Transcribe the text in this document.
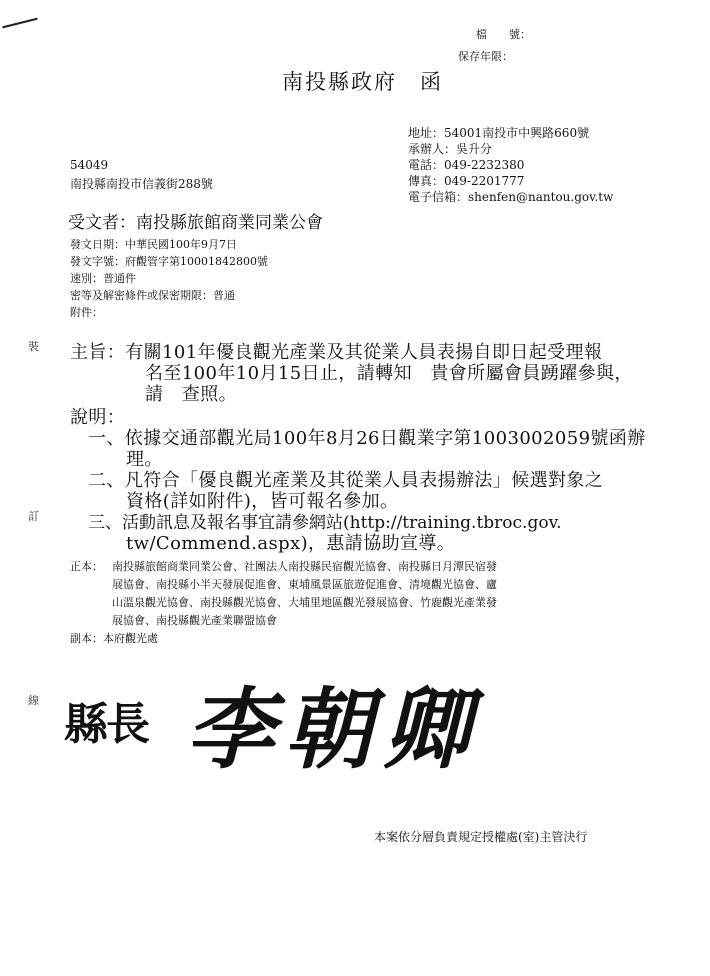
檔　　號：
保存年限：
南投縣政府　函
地址：54001南投市中興路660號
承辦人：吳升分
電話：049-2232380
傳真：049-2201777
電子信箱：shenfen@nantou.gov.tw
54049
南投縣南投市信義街288號
受文者：南投縣旅館商業同業公會
發文日期：中華民國100年9月7日
發文字號：府觀管字第10001842800號
速別：普通件
密等及解密條件或保密期限：普通
附件：
裝
訂
線
主旨：有關101年優良觀光產業及其從業人員表揚自即日起受理報
名至100年10月15日止，請轉知　貴會所屬會員踴躍參與，
請　查照。
說明：
一、依據交通部觀光局100年8月26日觀業字第1003002059號函辦
理。
二、凡符合「優良觀光產業及其從業人員表揚辦法」候選對象之
資格(詳如附件)，皆可報名參加。
三、活動訊息及報名事宜請參網站(http://training.tbroc.gov.
tw/Commend.aspx)，惠請協助宣導。
正本： 南投縣旅館商業同業公會、社團法人南投縣民宿觀光協會、南投縣日月潭民宿發
展協會、南投縣小半天發展促進會、東埔風景區旅遊促進會、清境觀光協會、廬
山溫泉觀光協會、南投縣觀光協會、大埔里地區觀光發展協會、竹鹿觀光產業發
展協會、南投縣觀光產業聯盟協會
副本：本府觀光處
縣長 李朝卿
本案依分層負責規定授權處(室)主管決行
